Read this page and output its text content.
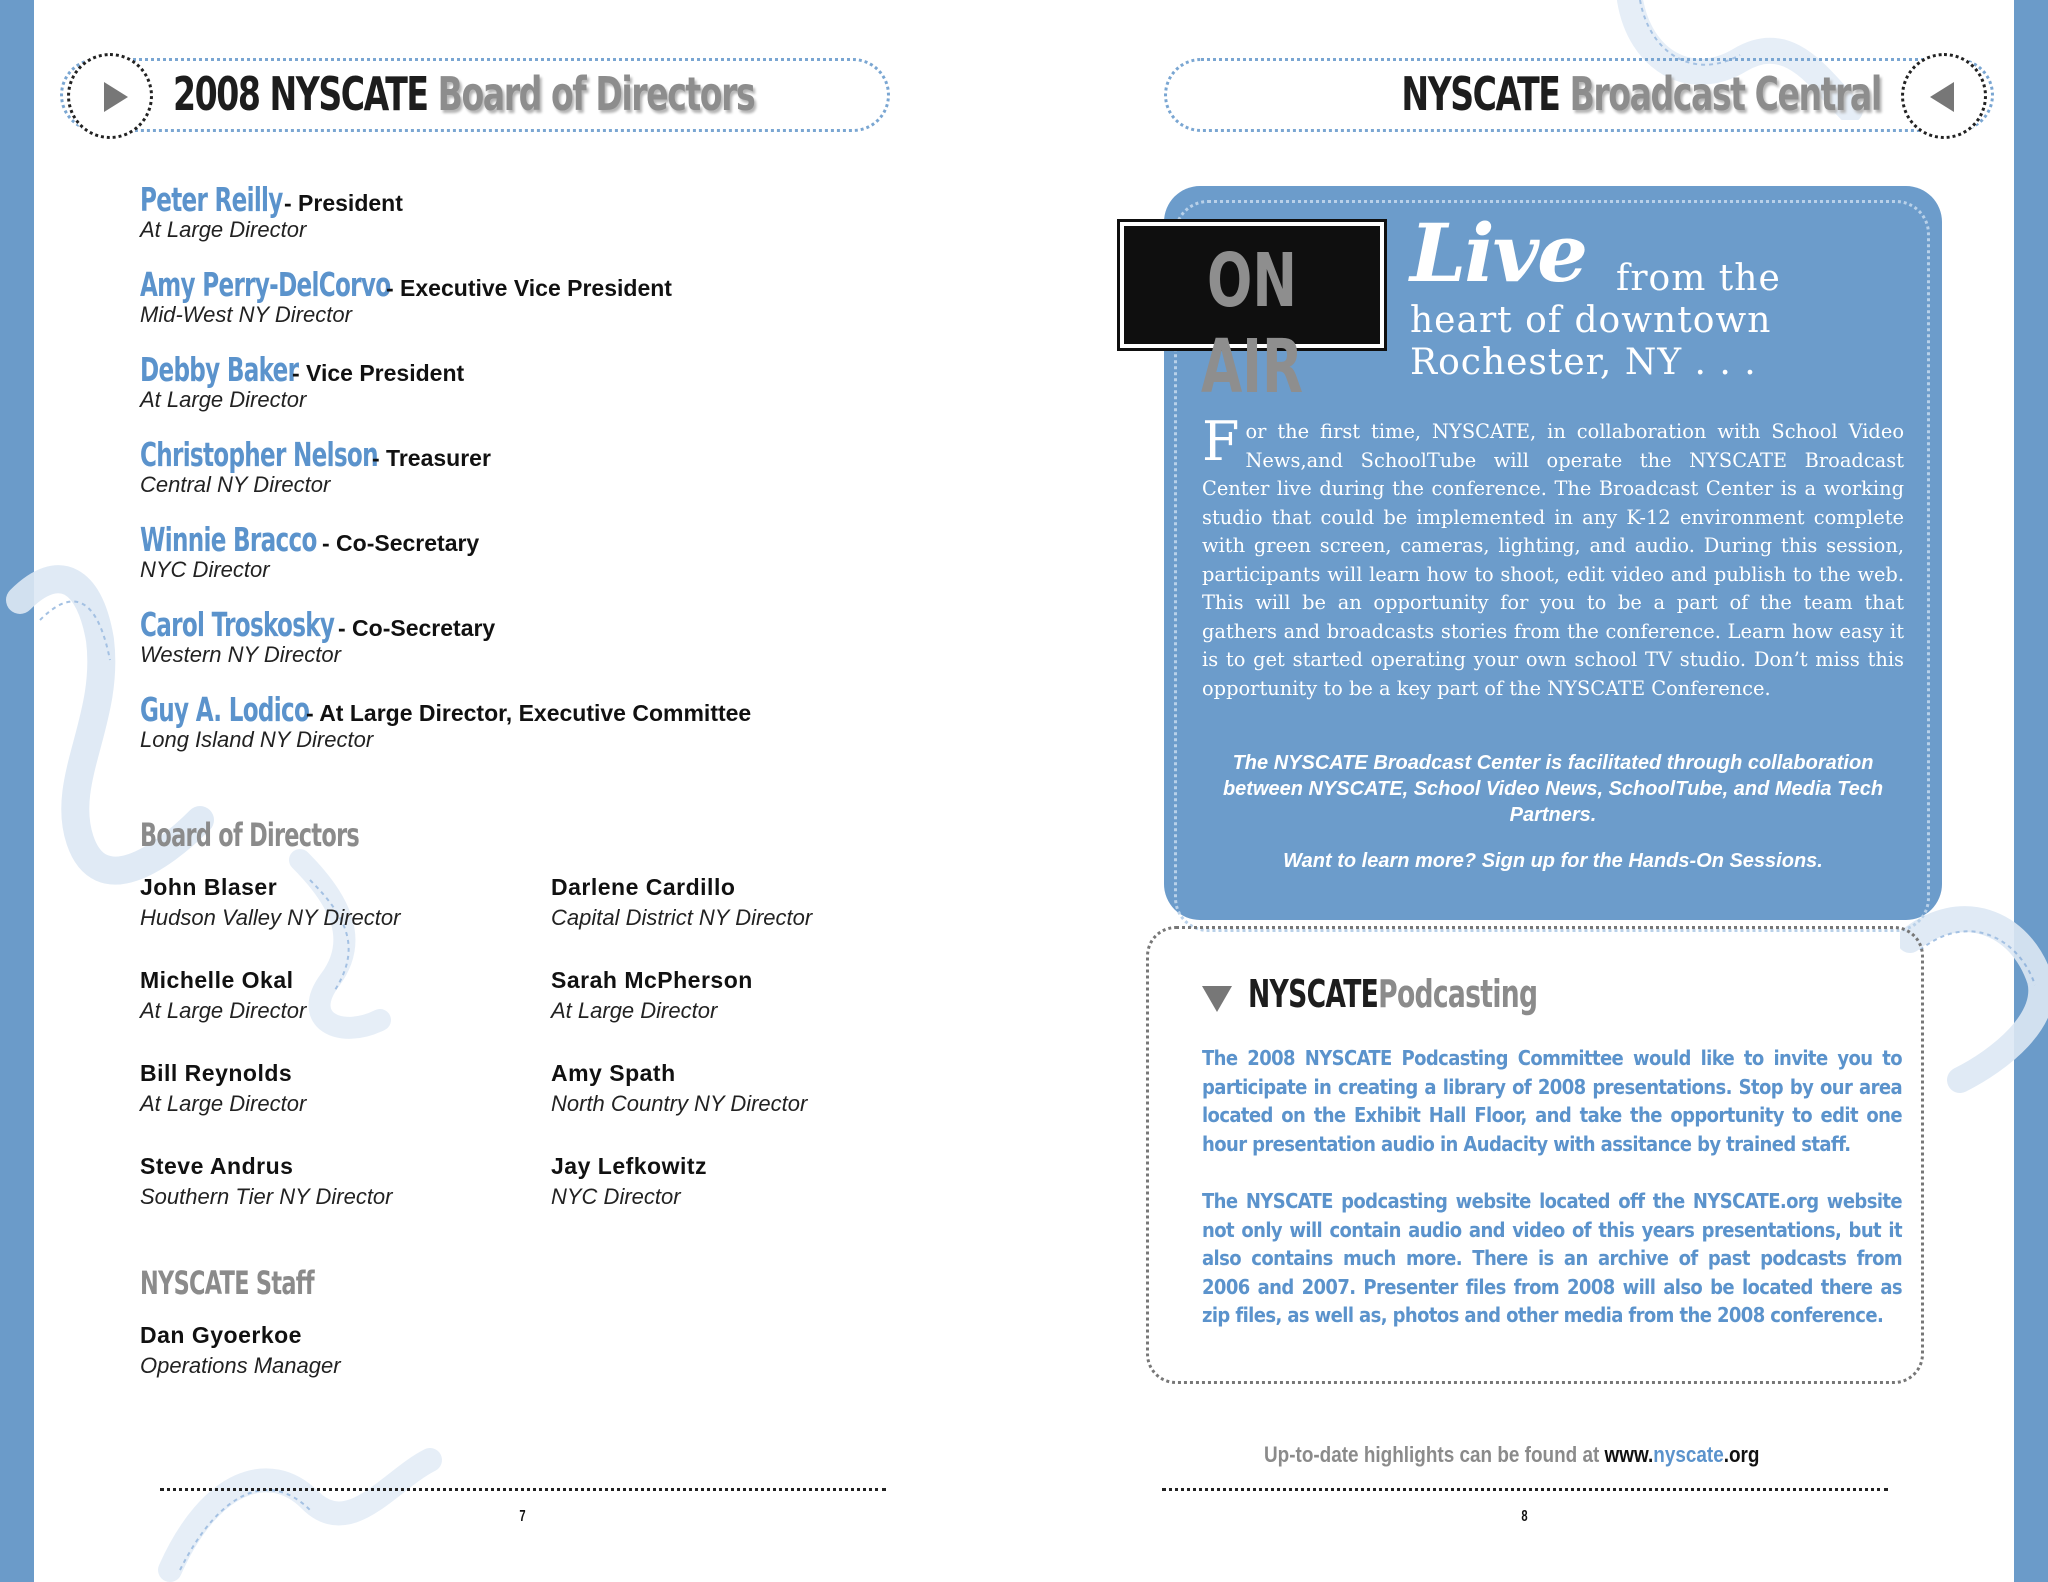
2008 NYSCATE Board of Directors
Peter Reilly - President
At Large Director
Amy Perry-DelCorvo
- Executive Vice President
Mid-West NY Director
Debby Baker
- Vice President
At Large Director
Christopher Nelson
- Treasurer
Central NY Director
Winnie Bracco - Co-Secretary
NYC Director
Carol Troskosky - Co-Secretary
Western NY Director
Guy A. Lodico
- At Large Director, Executive Committee
Long Island NY Director
Board of Directors
John Blaser
Hudson Valley NY Director
Darlene Cardillo
Capital District NY Director
Michelle Okal
At Large Director
Sarah McPherson
At Large Director
Bill Reynolds
At Large Director
Amy Spath
North Country NY Director
Steve Andrus
Southern Tier NY Director
Jay Lefkowitz
NYC Director
NYSCATE Staff
Dan Gyoerkoe
Operations Manager
7
NYSCATE Broadcast Central
ON AIR
Live from the
heart of downtown
Rochester, NY . . .
For the first time, NYSCATE, in collaboration with School Video News,and SchoolTube will operate the NYSCATE Broadcast Center live during the conference. The Broadcast Center is a working studio that could be implemented in any K-12 environment complete with green screen, cameras, lighting, and audio. During this session, participants will learn how to shoot, edit video and publish to the web. This will be an opportunity for you to be a part of the team that gathers and broadcasts stories from the conference. Learn how easy it is to get started operating your own school TV studio. Don’t miss this opportunity to be a key part of the NYSCATE Conference.
The NYSCATE Broadcast Center is facilitated through collaboration between NYSCATE, School Video News, SchoolTube, and Media Tech Partners.
Want to learn more? Sign up for the Hands-On Sessions.
NYSCATEPodcasting
The 2008 NYSCATE Podcasting Committee would like to invite you to participate in creating a library of 2008 presentations. Stop by our area located on the Exhibit Hall Floor, and take the opportunity to edit one hour presentation audio in Audacity with assitance by trained staff.
The NYSCATE podcasting website located off the NYSCATE.org website not only will contain audio and video of this years presentations, but it also contains much more. There is an archive of past podcasts from 2006 and 2007. Presenter files from 2008 will also be located there as zip files, as well as, photos and other media from the 2008 conference.
Up-to-date highlights can be found at www.nyscate.org
8
